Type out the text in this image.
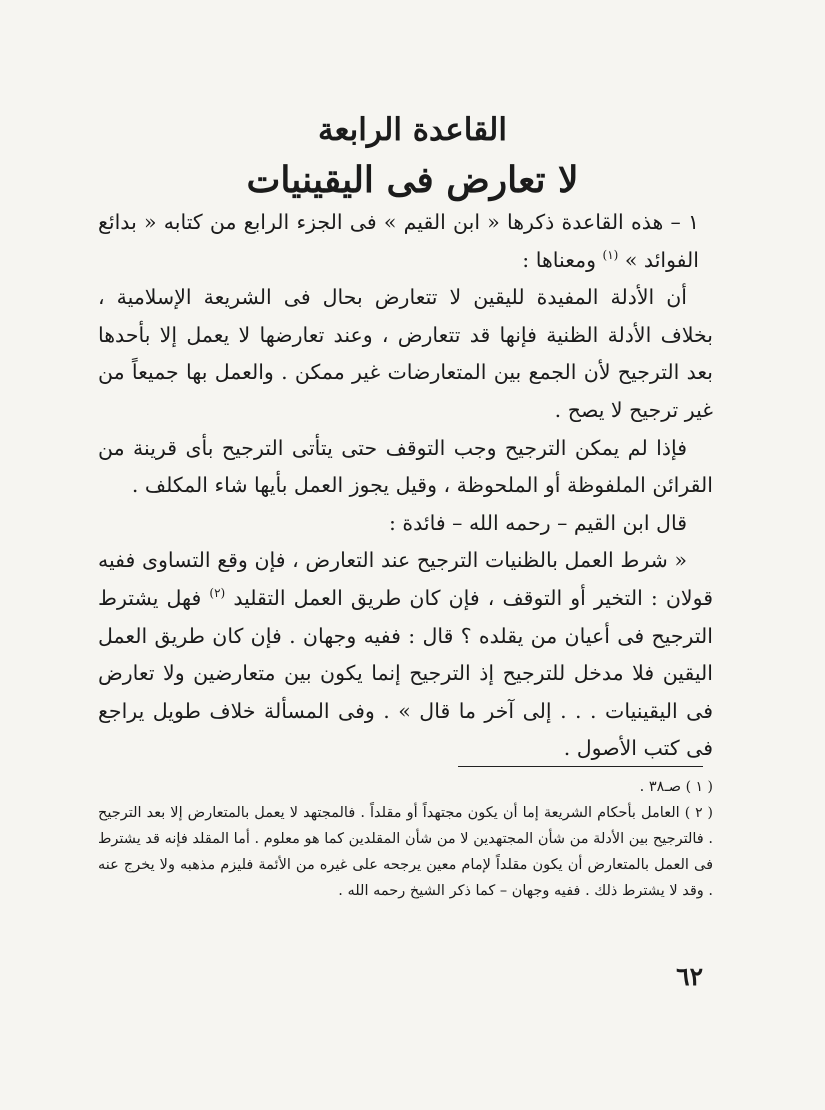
القاعدة الرابعة
لا تعارض فى اليقينيات

١ – هذه القاعدة ذكرها « ابن القيم » فى الجزء الرابع من كتابه « بدائع الفوائد » $^{(١)}$ ومعناها :

أن الأدلة المفيدة لليقين لا تتعارض بحال فى الشريعة الإسلامية ، بخلاف الأدلة الظنية فإنها قد تتعارض ، وعند تعارضها لا يعمل إلا بأحدها بعد الترجيح لأن الجمع بين المتعارضات غير ممكن . والعمل بها جميعاً من غير ترجيح لا يصح .

فإذا لم يمكن الترجيح وجب التوقف حتى يتأتى الترجيح بأى قرينة من القرائن الملفوظة أو الملحوظة ، وقيل يجوز العمل بأيها شاء المكلف .

قال ابن القيم – رحمه الله – فائدة :

« شرط العمل بالظنيات الترجيح عند التعارض ، فإن وقع التساوى ففيه قولان : التخير أو التوقف ، فإن كان طريق العمل التقليد $^{(٢)}$ فهل يشترط الترجيح فى أعيان من يقلده ؟ قال : ففيه وجهان . فإن كان طريق العمل اليقين فلا مدخل للترجيح إذ الترجيح إنما يكون بين متعارضين ولا تعارض فى اليقينيات . . . إلى آخر ما قال » . وفى المسألة خلاف طويل يراجع فى كتب الأصول .

( ١ ) صـ٣٨ .

( ٢ ) العامل بأحكام الشريعة إما أن يكون مجتهداً أو مقلداً . فالمجتهد لا يعمل بالمتعارض إلا بعد الترجيح . فالترجيح بين الأدلة من شأن المجتهدين لا من شأن المقلدين كما هو معلوم . أما المقلد فإنه قد يشترط فى العمل بالمتعارض أن يكون مقلداً لإمام معين يرجحه على غيره من الأئمة فليزم مذهبه ولا يخرج عنه . وقد لا يشترط ذلك . ففيه وجهان – كما ذكر الشيخ رحمه الله .

٦٢
